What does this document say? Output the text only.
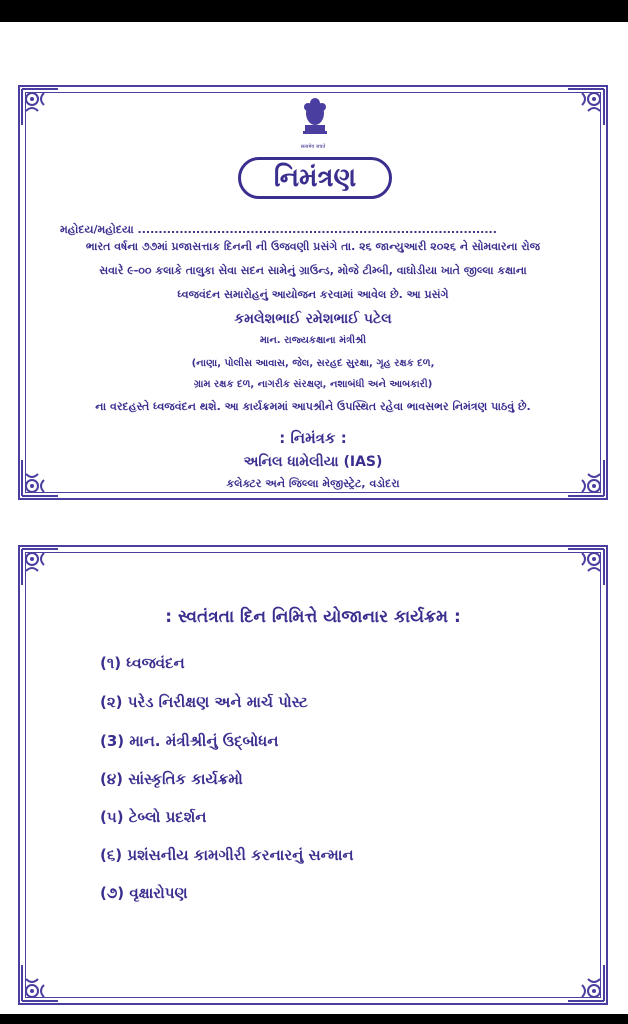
सत्यमेव जयते
નિમંત્રણ
મહોદય/મહોદયા ......................................................................................
ભારત વર્ષના ૭૭માં પ્રજાસત્તાક દિનની ની ઉજવણી પ્રસંગે તા. ૨૬ જાન્યુઆરી ૨૦૨૬ ને સોમવારના રોજ
સવારે ૯-૦૦ કલાકે તાલુકા સેવા સદન સામેનું ગ્રાઉન્ડ, મોજે ટીમ્બી, વાઘોડીયા ખાતે જીલ્લા કક્ષાના
ધ્વજવંદન સમારોહનું આયોજન કરવામાં આવેલ છે. આ પ્રસંગે
કમલેશભાઈ રમેશભાઈ પટેલ
માન. રાજ્યકક્ષાના મંત્રીશ્રી
(નાણા, પોલીસ આવાસ, જેલ, સરહદ સુરક્ષા, ગૃહ રક્ષક દળ,
ગ્રામ રક્ષક દળ, નાગરીક સંરક્ષણ, નશાબંધી અને આબકારી)
ના વરદહસ્તે ધ્વજવંદન થશે. આ કાર્યક્રમમાં આપશ્રીને ઉપસ્થિત રહેવા ભાવસભર નિમંત્રણ પાઠવું છે.
: નિમંત્રક :
અનિલ ધામેલીયા (IAS)
કલેક્ટર અને જિલ્લા મેજીસ્ટ્રેટ, વડોદરા
: સ્વતંત્રતા દિન નિમિત્તે યોજાનાર કાર્યક્રમ :
(૧) ધ્વજવંદન
(૨) પરેડ નિરીક્ષણ અને માર્ચ પોસ્ટ
(3) માન. મંત્રીશ્રીનું ઉદ્‌બોધન
(૪) સાંસ્કૃતિક કાર્યક્રમો
(૫) ટેબ્લો પ્રદર્શન
(૬) પ્રશંસનીય કામગીરી કરનારનું સન્માન
(૭) વૃક્ષારોપણ
